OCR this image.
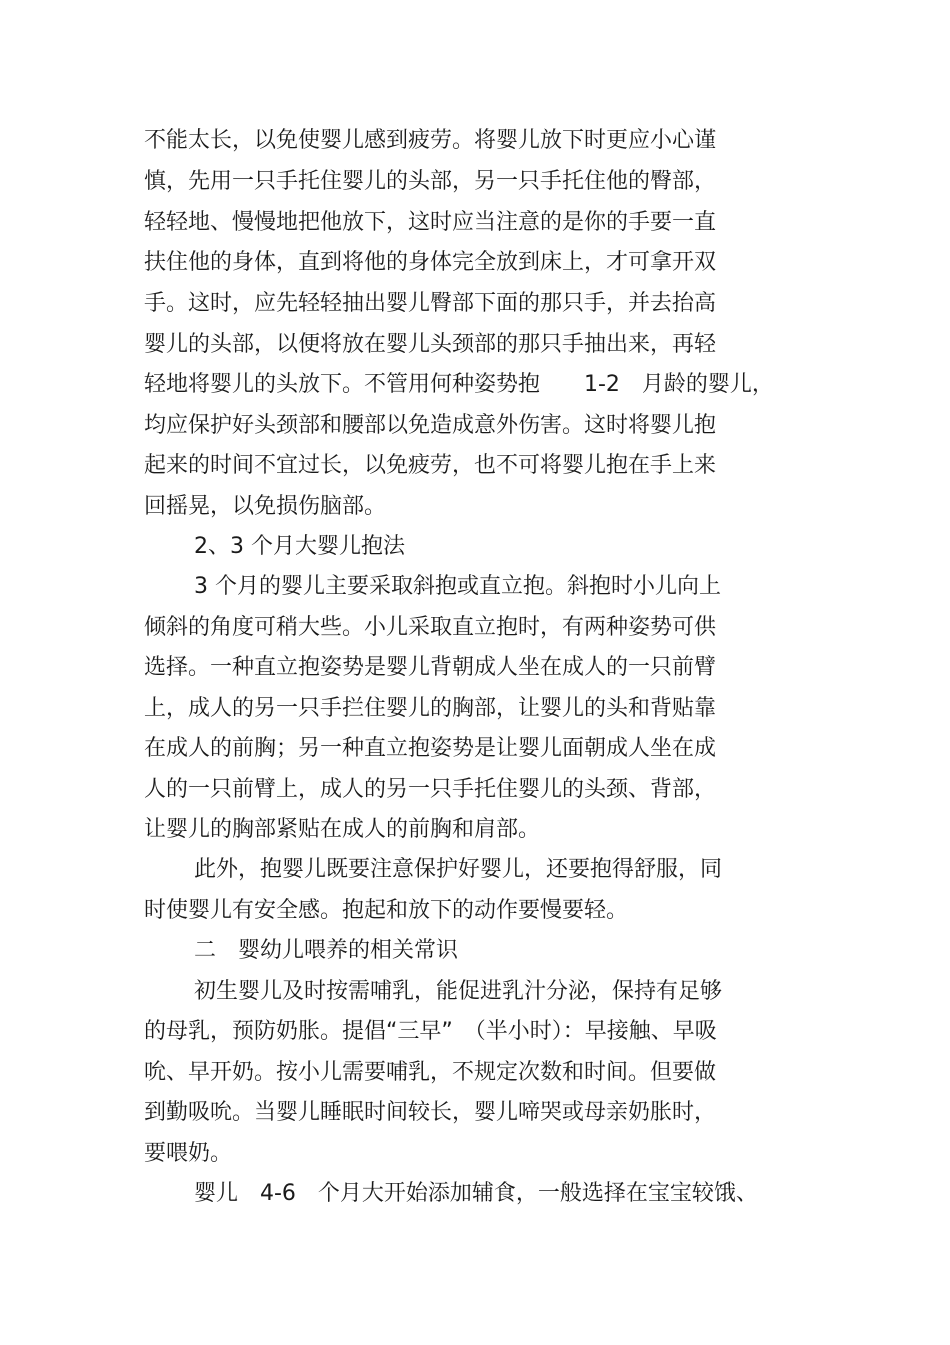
不能太长，以免使婴儿感到疲劳。将婴儿放下时更应小心谨
慎，先用一只手托住婴儿的头部，另一只手托住他的臀部，
轻轻地、慢慢地把他放下，这时应当注意的是你的手要一直
扶住他的身体，直到将他的身体完全放到床上，才可拿开双
手。这时，应先轻轻抽出婴儿臀部下面的那只手，并去抬高
婴儿的头部，以便将放在婴儿头颈部的那只手抽出来，再轻
轻地将婴儿的头放下。不管用何种姿势抱　　1-2　月龄的婴儿，
均应保护好头颈部和腰部以免造成意外伤害。这时将婴儿抱
起来的时间不宜过长，以免疲劳，也不可将婴儿抱在手上来
回摇晃，以免损伤脑部。
2、3 个月大婴儿抱法
3 个月的婴儿主要采取斜抱或直立抱。斜抱时小儿向上
倾斜的角度可稍大些。小儿采取直立抱时，有两种姿势可供
选择。一种直立抱姿势是婴儿背朝成人坐在成人的一只前臂
上，成人的另一只手拦住婴儿的胸部，让婴儿的头和背贴靠
在成人的前胸；另一种直立抱姿势是让婴儿面朝成人坐在成
人的一只前臂上，成人的另一只手托住婴儿的头颈、背部，
让婴儿的胸部紧贴在成人的前胸和肩部。
此外，抱婴儿既要注意保护好婴儿，还要抱得舒服，同
时使婴儿有安全感。抱起和放下的动作要慢要轻。
二　婴幼儿喂养的相关常识
初生婴儿及时按需哺乳，能促进乳汁分泌，保持有足够
的母乳，预防奶胀。提倡“三早”　（半小时）：早接触、早吸
吮、早开奶。按小儿需要哺乳，不规定次数和时间。但要做
到勤吸吮。当婴儿睡眠时间较长，婴儿啼哭或母亲奶胀时，
要喂奶。
婴儿　4-6　个月大开始添加辅食，一般选择在宝宝较饿、
